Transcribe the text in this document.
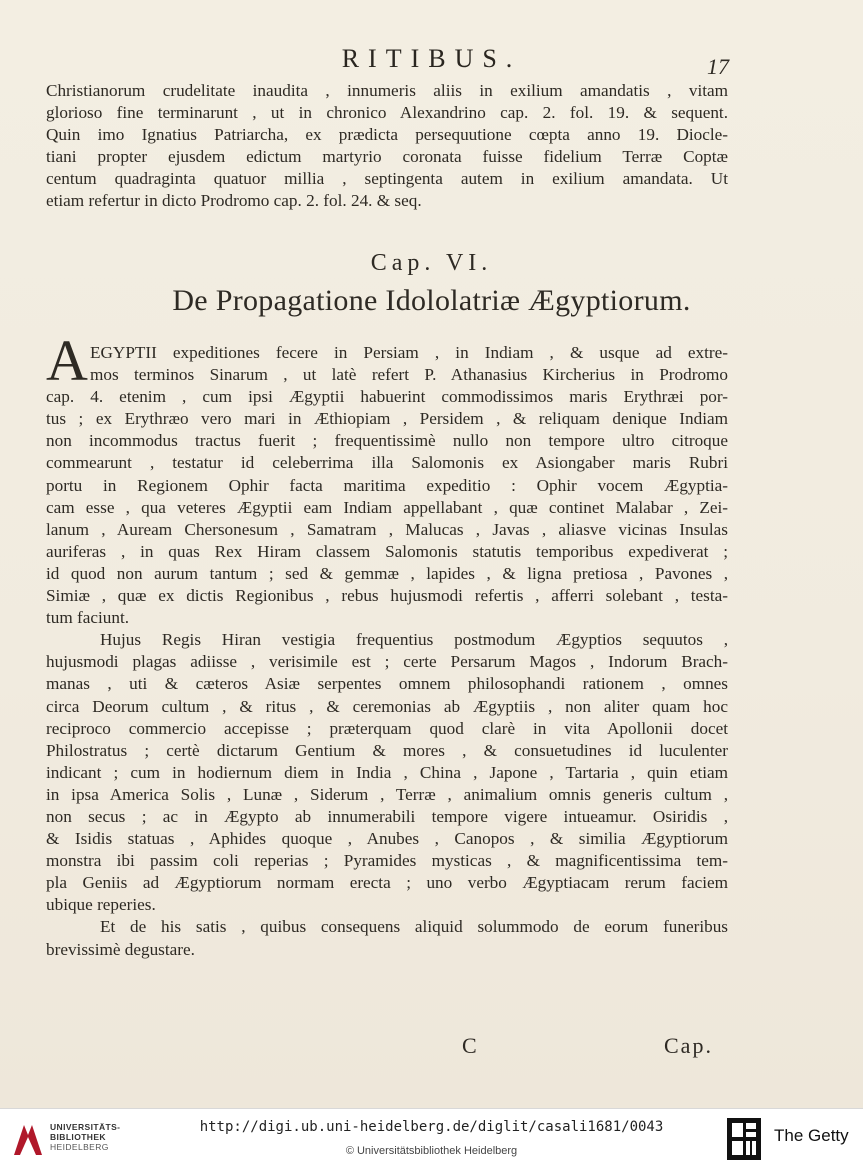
RITIBUS.	17
Christianorum crudelitate inaudita , innumeris aliis in exilium amandatis , vitam
glorioso fine terminarunt , ut in chronico Alexandrino cap. 2. fol. 19. & sequent.
Quin imo Ignatius Patriarcha, ex prædicta persequutione cœpta anno 19. Diocle-
tiani propter ejusdem edictum martyrio coronata fuisse fidelium Terræ Coptæ
centum quadraginta quatuor millia , septingenta autem in exilium amandata. Ut
etiam refertur in dicto Prodromo cap. 2. fol. 24. & seq.
Cap. VI.
De Propagatione Idololatriæ Ægyptiorum.
A EGYPTII expeditiones fecere in Persiam , in Indiam , & usque ad extre-
mos terminos Sinarum , ut latè refert P. Athanasius Kircherius in Prodromo
cap. 4. etenim , cum ipsi Ægyptii habuerint commodissimos maris Erythræi por-
tus ; ex Erythræo vero mari in Æthiopiam , Persidem , & reliquam denique Indiam
non incommodus tractus fuerit ; frequentissimè nullo non tempore ultro citroque
commearunt , testatur id celeberrima illa Salomonis ex Asiongaber maris Rubri
portu in Regionem Ophir facta maritima expeditio : Ophir vocem Ægyptia-
cam esse , qua veteres Ægyptii eam Indiam appellabant , quæ continet Malabar , Zei-
lanum , Auream Chersonesum , Samatram , Malucas , Javas , aliasve vicinas Insulas
auriferas , in quas Rex Hiram classem Salomonis statutis temporibus expediverat ;
id quod non aurum tantum ; sed & gemmæ , lapides , & ligna pretiosa , Pavones ,
Simiæ , quæ ex dictis Regionibus , rebus hujusmodi refertis , afferri solebant , testa-
tum faciunt.
Hujus Regis Hiran vestigia frequentius postmodum Ægyptios sequutos ,
hujusmodi plagas adiisse , verisimile est ; certe Persarum Magos , Indorum Brach-
manas , uti & cæteros Asiæ serpentes omnem philosophandi rationem , omnes
circa Deorum cultum , & ritus , & ceremonias ab Ægyptiis , non aliter quam hoc
reciproco commercio accepisse ; præterquam quod clarè in vita Apollonii docet
Philostratus ; certè dictarum Gentium & mores , & consuetudines id luculenter
indicant ; cum in hodiernum diem in India , China , Japone , Tartaria , quin etiam
in ipsa America Solis , Lunæ , Siderum , Terræ , animalium omnis generis cultum ,
non secus ; ac in Ægypto ab innumerabili tempore vigere intueamur. Osiridis ,
& Isidis statuas , Aphides quoque , Anubes , Canopos , & similia Ægyptiorum
monstra ibi passim coli reperias ; Pyramides mysticas , & magnificentissima tem-
pla Geniis ad Ægyptiorum normam erecta ; uno verbo Ægyptiacam rerum faciem
ubique reperies.
Et de his satis , quibus consequens aliquid solummodo de eorum funeribus
brevissimè degustare.
C	Cap.
UNIVERSITÄTS-
BIBLIOTHEK
HEIDELBERG
http://digi.ub.uni-heidelberg.de/diglit/casali1681/0043
© Universitätsbibliothek Heidelberg
The Getty
